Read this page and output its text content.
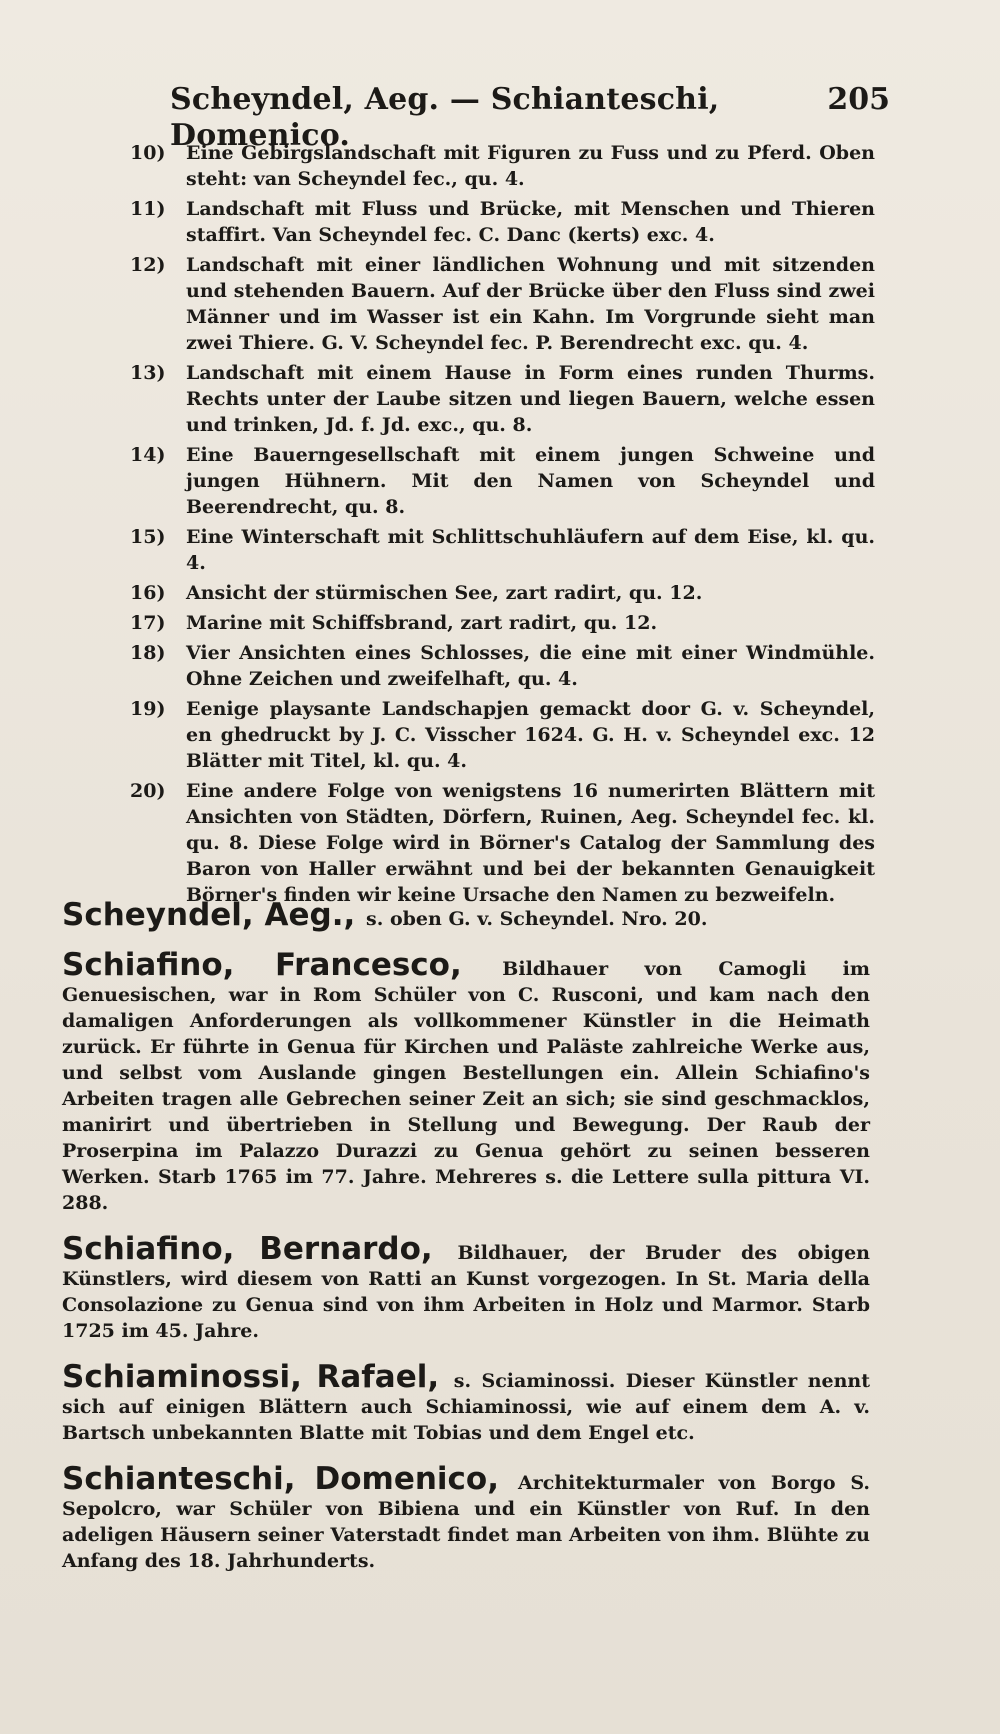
Scheyndel, Aeg. — Schianteschi, Domenico.
205
10)	Eine Gebirgslandschaft mit Figuren zu Fuss und zu Pferd. Oben steht: van Scheyndel fec., qu. 4.
11)	Landschaft mit Fluss und Brücke, mit Menschen und Thieren staffirt. Van Scheyndel fec. C. Danc (kerts) exc. 4.
12)	Landschaft mit einer ländlichen Wohnung und mit sitzenden und stehenden Bauern. Auf der Brücke über den Fluss sind zwei Männer und im Wasser ist ein Kahn. Im Vorgrunde sieht man zwei Thiere. G. V. Scheyndel fec. P. Berendrecht exc. qu. 4.
13)	Landschaft mit einem Hause in Form eines runden Thurms. Rechts unter der Laube sitzen und liegen Bauern, welche essen und trinken, Jd. f. Jd. exc., qu. 8.
14)	Eine Bauerngesellschaft mit einem jungen Schweine und jungen Hühnern. Mit den Namen von Scheyndel und Beerendrecht, qu. 8.
15)	Eine Winterschaft mit Schlittschuhläufern auf dem Eise, kl. qu. 4.
16)	Ansicht der stürmischen See, zart radirt, qu. 12.
17)	Marine mit Schiffsbrand, zart radirt, qu. 12.
18)	Vier Ansichten eines Schlosses, die eine mit einer Windmühle. Ohne Zeichen und zweifelhaft, qu. 4.
19)	Eenige playsante Landschapjen gemackt door G. v. Scheyndel, en ghedruckt by J. C. Visscher 1624. G. H. v. Scheyndel exc. 12 Blätter mit Titel, kl. qu. 4.
20)	Eine andere Folge von wenigstens 16 numerirten Blättern mit Ansichten von Städten, Dörfern, Ruinen, Aeg. Scheyndel fec. kl. qu. 8. Diese Folge wird in Börner's Catalog der Sammlung des Baron von Haller erwähnt und bei der bekannten Genauigkeit Börner's finden wir keine Ursache den Namen zu bezweifeln.
Scheyndel, Aeg., s. oben G. v. Scheyndel. Nro. 20.
Schiafino, Francesco, Bildhauer von Camogli im Genuesischen, war in Rom Schüler von C. Rusconi, und kam nach den damaligen Anforderungen als vollkommener Künstler in die Heimath zurück. Er führte in Genua für Kirchen und Paläste zahlreiche Werke aus, und selbst vom Auslande gingen Bestellungen ein. Allein Schiafino's Arbeiten tragen alle Gebrechen seiner Zeit an sich; sie sind geschmacklos, manirirt und übertrieben in Stellung und Bewegung. Der Raub der Proserpina im Palazzo Durazzi zu Genua gehört zu seinen besseren Werken. Starb 1765 im 77. Jahre. Mehreres s. die Lettere sulla pittura VI. 288.
Schiafino, Bernardo, Bildhauer, der Bruder des obigen Künstlers, wird diesem von Ratti an Kunst vorgezogen. In St. Maria della Consolazione zu Genua sind von ihm Arbeiten in Holz und Marmor. Starb 1725 im 45. Jahre.
Schiaminossi, Rafael, s. Sciaminossi. Dieser Künstler nennt sich auf einigen Blättern auch Schiaminossi, wie auf einem dem A. v. Bartsch unbekannten Blatte mit Tobias und dem Engel etc.
Schianteschi, Domenico, Architekturmaler von Borgo S. Sepolcro, war Schüler von Bibiena und ein Künstler von Ruf. In den adeligen Häusern seiner Vaterstadt findet man Arbeiten von ihm. Blühte zu Anfang des 18. Jahrhunderts.
